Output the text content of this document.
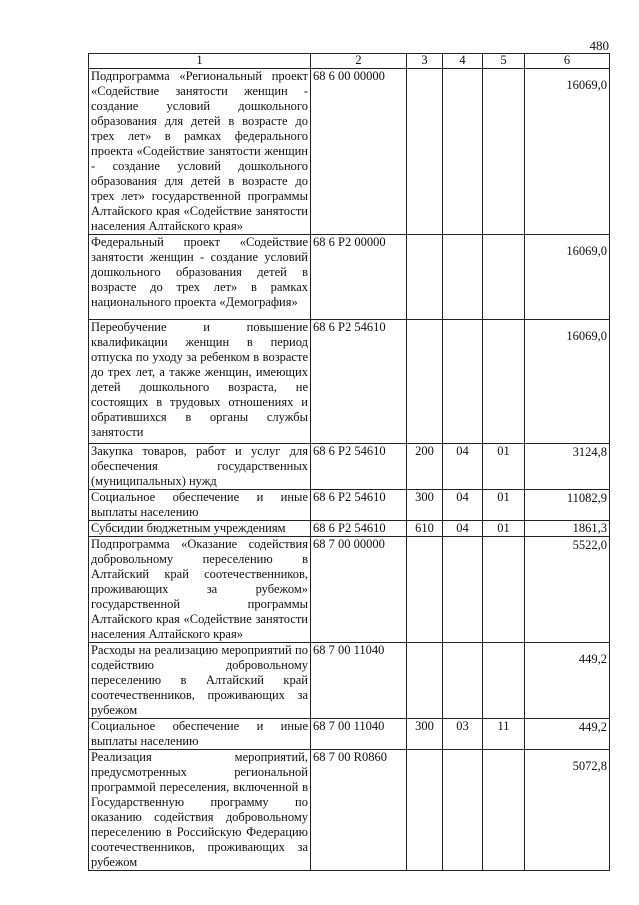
480
1	2	3	4	5	6
Подпрограмма «Региональный проект «Содействие занятости женщин - создание условий дошкольного образования для детей в возрасте до трех лет» в рамках федерального проекта «Содействие занятости женщин - создание условий дошкольного образования для детей в возрасте до трех лет» государственной программы Алтайского края «Содействие занятости населения Алтайского края»	68 6 00 00000				16069,0

Федеральный проект «Содействие занятости женщин - создание условий дошкольного образования детей в возрасте до трех лет» в рамках национального проекта «Демография»	68 6 P2 00000				16069,0

Переобучение и повышение квалификации женщин в период отпуска по уходу за ребенком в возрасте до трех лет, а также женщин, имеющих детей дошкольного возраста, не состоящих в трудовых отношениях и обратившихся в органы службы занятости	68 6 P2 54610				16069,0

Закупка товаров, работ и услуг для обеспечения государственных (муниципальных) нужд	68 6 P2 54610	200	04	01	3124,8

Социальное обеспечение и иные выплаты населению	68 6 P2 54610	300	04	01	11082,9

Субсидии бюджетным учреждениям	68 6 P2 54610	610	04	01	1861,3
Подпрограмма «Оказание содействия добровольному переселению в Алтайский край соотечественников, проживающих за рубежом» государственной программы Алтайского края «Содействие занятости населения Алтайского края»	68 7 00 00000				5522,0

Расходы на реализацию мероприятий по содействию добровольному переселению в Алтайский край соотечественников, проживающих за рубежом	68 7 00 11040				449,2

Социальное обеспечение и иные выплаты населению	68 7 00 11040	300	03	11	449,2

Реализация мероприятий, предусмотренных региональной программой переселения, включенной в Государственную программу по оказанию содействия добровольному переселению в Российскую Федерацию соотечественников, проживающих за рубежом	68 7 00 R0860				5072,8
